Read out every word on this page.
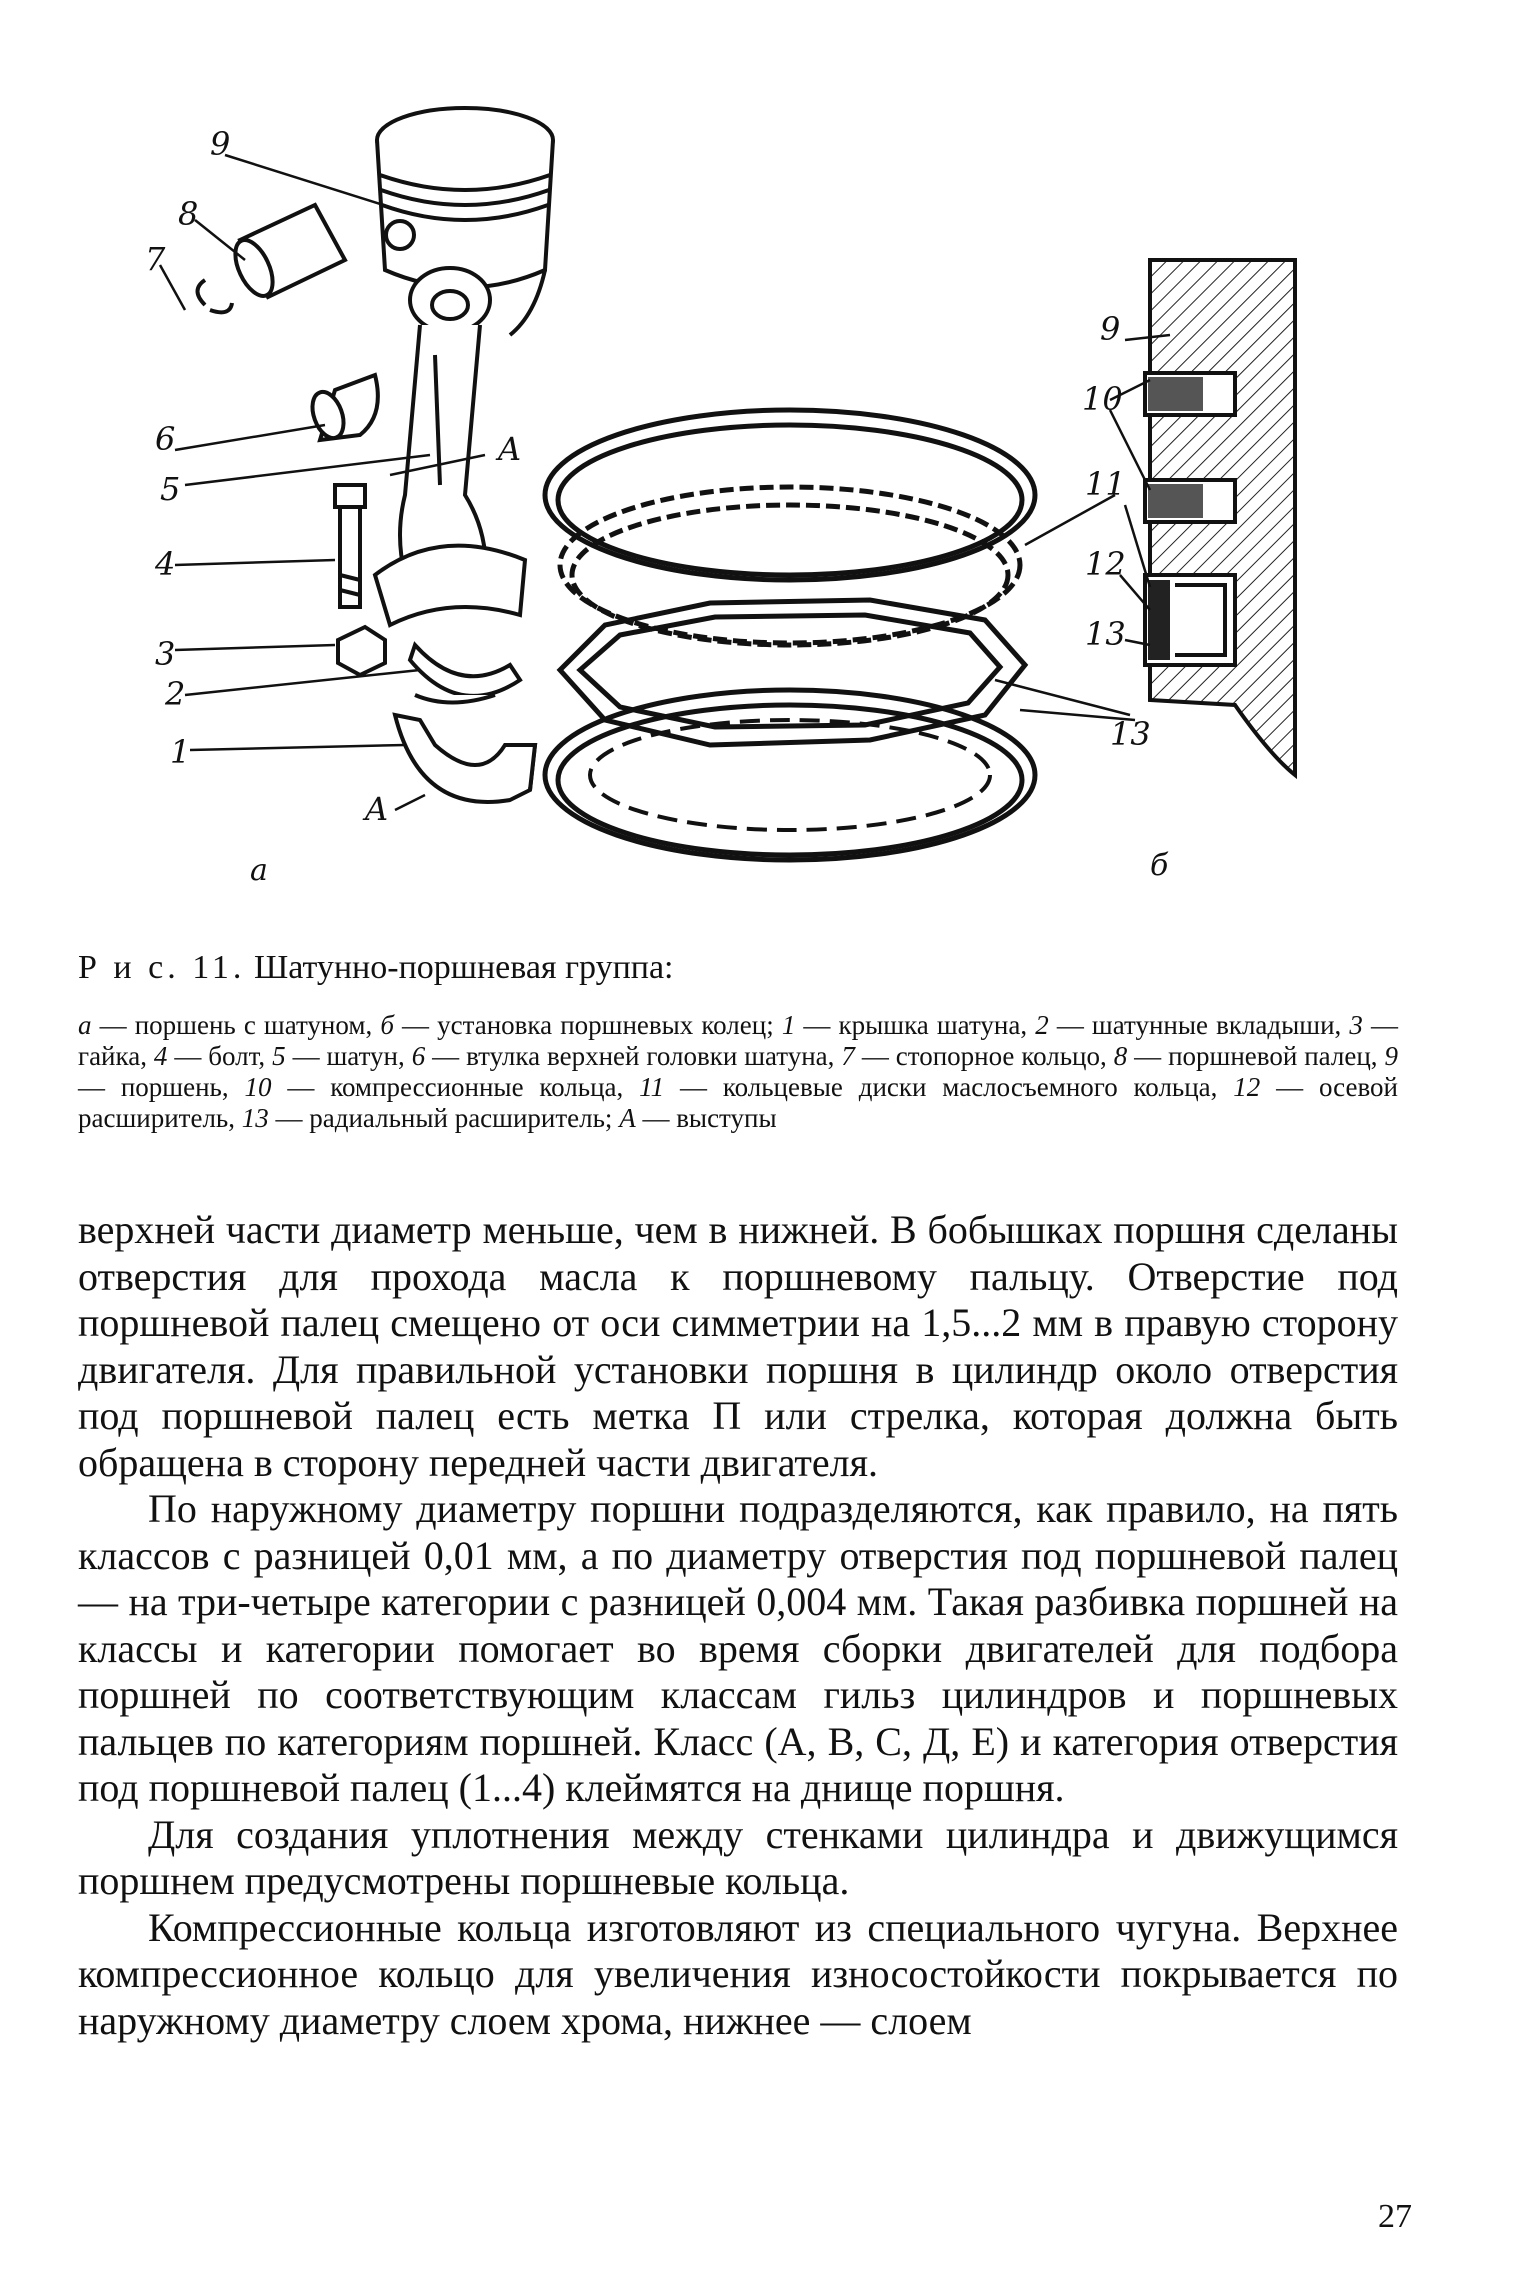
9
8
7
6
5
A
4
3
2
1
A
а
9
10
11
12
13
13
б

Р и с. 11. Шатунно-поршневая группа:

а — поршень с шатуном, б — установка поршневых колец; 1 — крышка шатуна, 2 — шатунные вкладыши, 3 — гайка, 4 — болт, 5 — шатун, 6 — втулка верхней головки шатуна, 7 — стопорное кольцо, 8 — поршневой палец, 9 — поршень, 10 — компрессионные кольца, 11 — кольцевые диски маслосъемного кольца, 12 — осевой расширитель, 13 — радиальный расширитель; А — выступы

верхней части диаметр меньше, чем в нижней. В бобышках поршня сделаны отверстия для прохода масла к поршневому пальцу. Отверстие под поршневой палец смещено от оси симметрии на 1,5...2 мм в правую сторону двигателя. Для правильной установки поршня в цилиндр около отверстия под поршневой палец есть метка П или стрелка, которая должна быть обращена в сторону передней части двигателя.

По наружному диаметру поршни подразделяются, как правило, на пять классов с разницей 0,01 мм, а по диаметру отверстия под поршневой палец — на три-четыре категории с разницей 0,004 мм. Такая разбивка поршней на классы и категории помогает во время сборки двигателей для подбора поршней по соответствующим классам гильз цилиндров и поршневых пальцев по категориям поршней. Класс (А, В, С, Д, Е) и категория отверстия под поршневой палец (1...4) клеймятся на днище поршня.

Для создания уплотнения между стенками цилиндра и движущимся поршнем предусмотрены поршневые кольца.

Компрессионные кольца изготовляют из специального чугуна. Верхнее компрессионное кольцо для увеличения износостойкости покрывается по наружному диаметру слоем хрома, нижнее — слоем

27
